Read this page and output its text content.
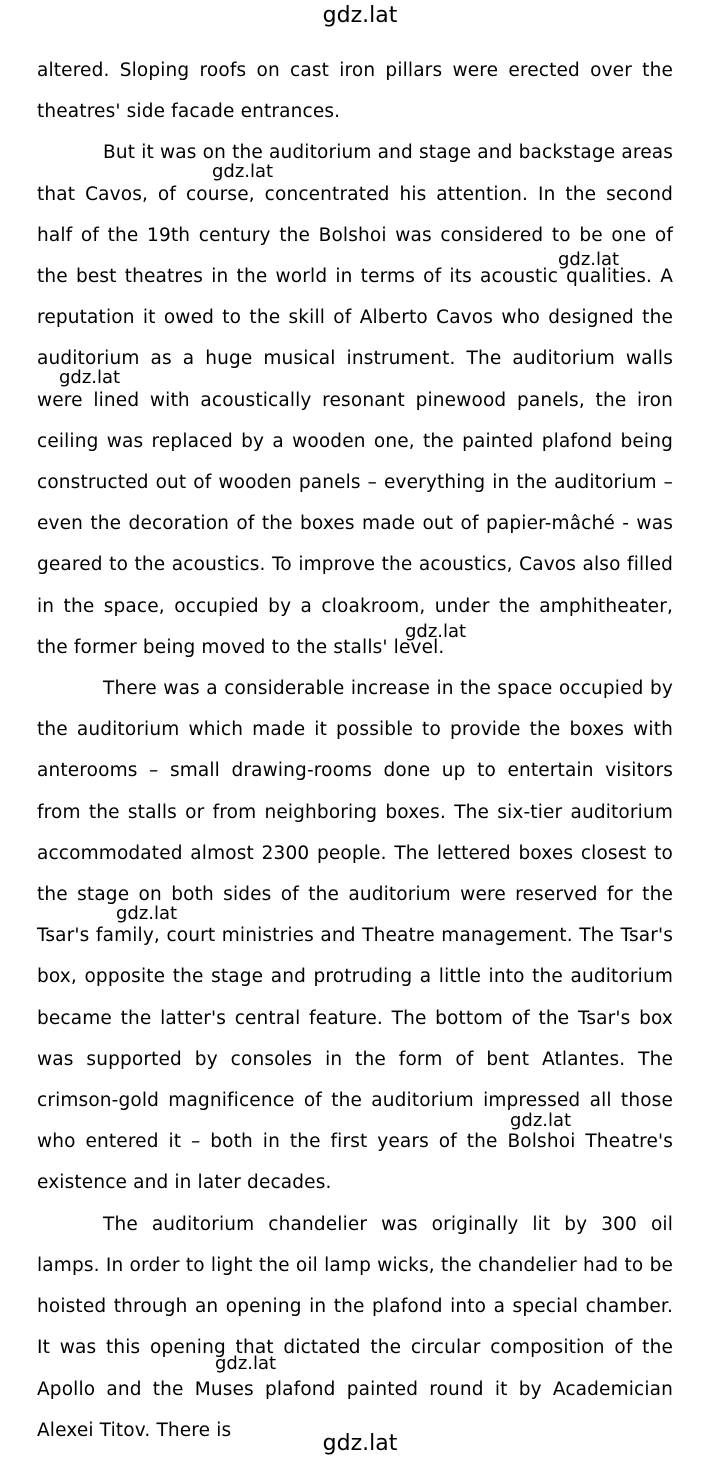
gdz.lat

altered. Sloping roofs on cast iron pillars were erected over the theatres' side facade entrances.

But it was on the auditorium and stage and backstage areas that Cavos, of course, concentrated his attention. In the second half of the 19th century the Bolshoi was considered to be one of the best theatres in the world in terms of its acoustic qualities. A reputation it owed to the skill of Alberto Cavos who designed the auditorium as a huge musical instrument. The auditorium walls were lined with acoustically resonant pinewood panels, the iron ceiling was replaced by a wooden one, the painted plafond being constructed out of wooden panels – everything in the auditorium – even the decoration of the boxes made out of papier-mâché - was geared to the acoustics. To improve the acoustics, Cavos also filled in the space, occupied by a cloakroom, under the amphitheater, the former being moved to the stalls' level.

There was a considerable increase in the space occupied by the auditorium which made it possible to provide the boxes with anterooms – small drawing-rooms done up to entertain visitors from the stalls or from neighboring boxes. The six-tier auditorium accommodated almost 2300 people. The lettered boxes closest to the stage on both sides of the auditorium were reserved for the Tsar's family, court ministries and Theatre management. The Tsar's box, opposite the stage and protruding a little into the auditorium became the latter's central feature. The bottom of the Tsar's box was supported by consoles in the form of bent Atlantes. The crimson-gold magnificence of the auditorium impressed all those who entered it – both in the first years of the Bolshoi Theatre's existence and in later decades.

The auditorium chandelier was originally lit by 300 oil lamps. In order to light the oil lamp wicks, the chandelier had to be hoisted through an opening in the plafond into a special chamber. It was this opening that dictated the circular composition of the Apollo and the Muses plafond painted round it by Academician Alexei Titov. There is

gdz.lat
gdz.lat
gdz.lat
gdz.lat
gdz.lat
gdz.lat
gdz.lat
gdz.lat
